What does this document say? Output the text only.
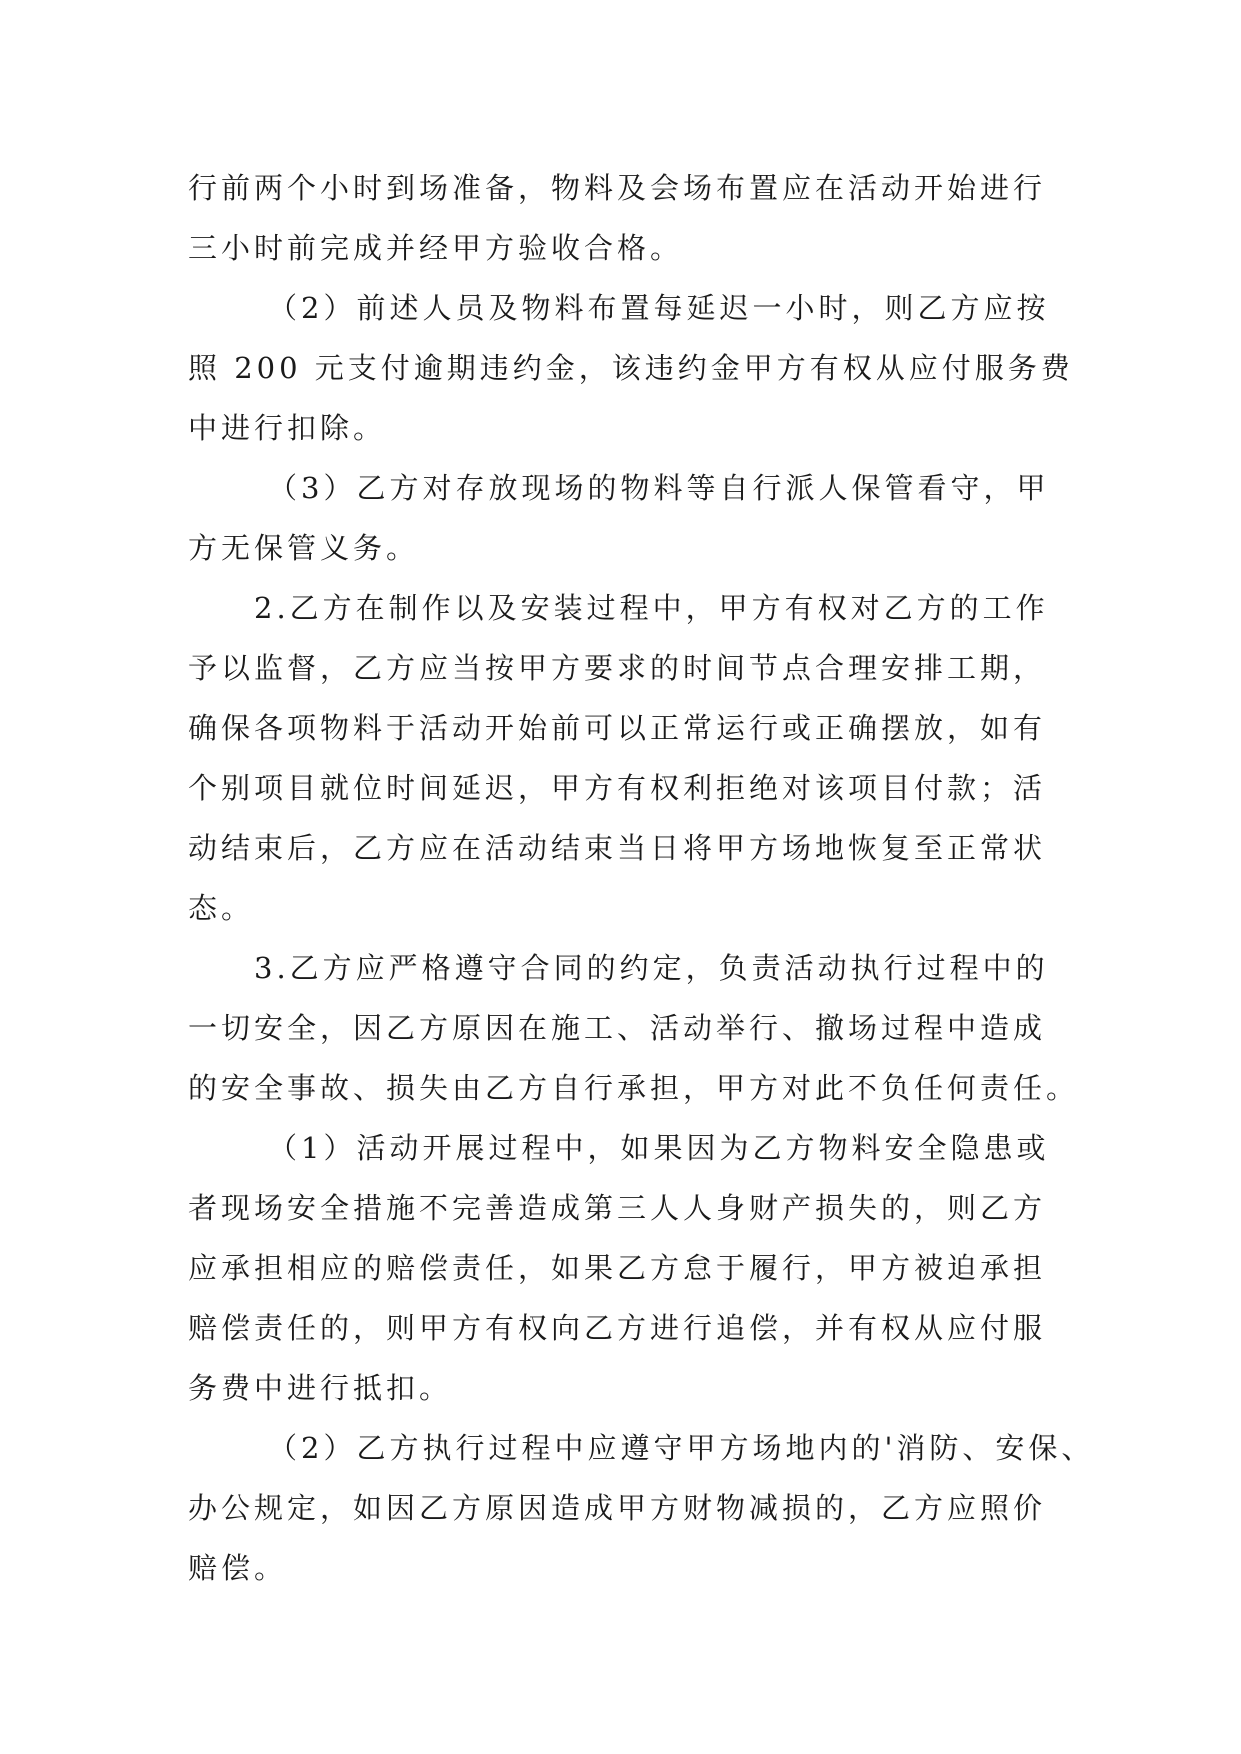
行前两个小时到场准备，物料及会场布置应在活动开始进行
三小时前完成并经甲方验收合格。
（2）前述人员及物料布置每延迟一小时，则乙方应按
照 200 元支付逾期违约金，该违约金甲方有权从应付服务费
中进行扣除。
（3）乙方对存放现场的物料等自行派人保管看守，甲
方无保管义务。
2.乙方在制作以及安装过程中，甲方有权对乙方的工作
予以监督，乙方应当按甲方要求的时间节点合理安排工期，
确保各项物料于活动开始前可以正常运行或正确摆放，如有
个别项目就位时间延迟，甲方有权利拒绝对该项目付款；活
动结束后，乙方应在活动结束当日将甲方场地恢复至正常状
态。
3.乙方应严格遵守合同的约定，负责活动执行过程中的
一切安全，因乙方原因在施工、活动举行、撤场过程中造成
的安全事故、损失由乙方自行承担，甲方对此不负任何责任。
（1）活动开展过程中，如果因为乙方物料安全隐患或
者现场安全措施不完善造成第三人人身财产损失的，则乙方
应承担相应的赔偿责任，如果乙方怠于履行，甲方被迫承担
赔偿责任的，则甲方有权向乙方进行追偿，并有权从应付服
务费中进行抵扣。
（2）乙方执行过程中应遵守甲方场地内的'消防、安保、
办公规定，如因乙方原因造成甲方财物减损的，乙方应照价
赔偿。
